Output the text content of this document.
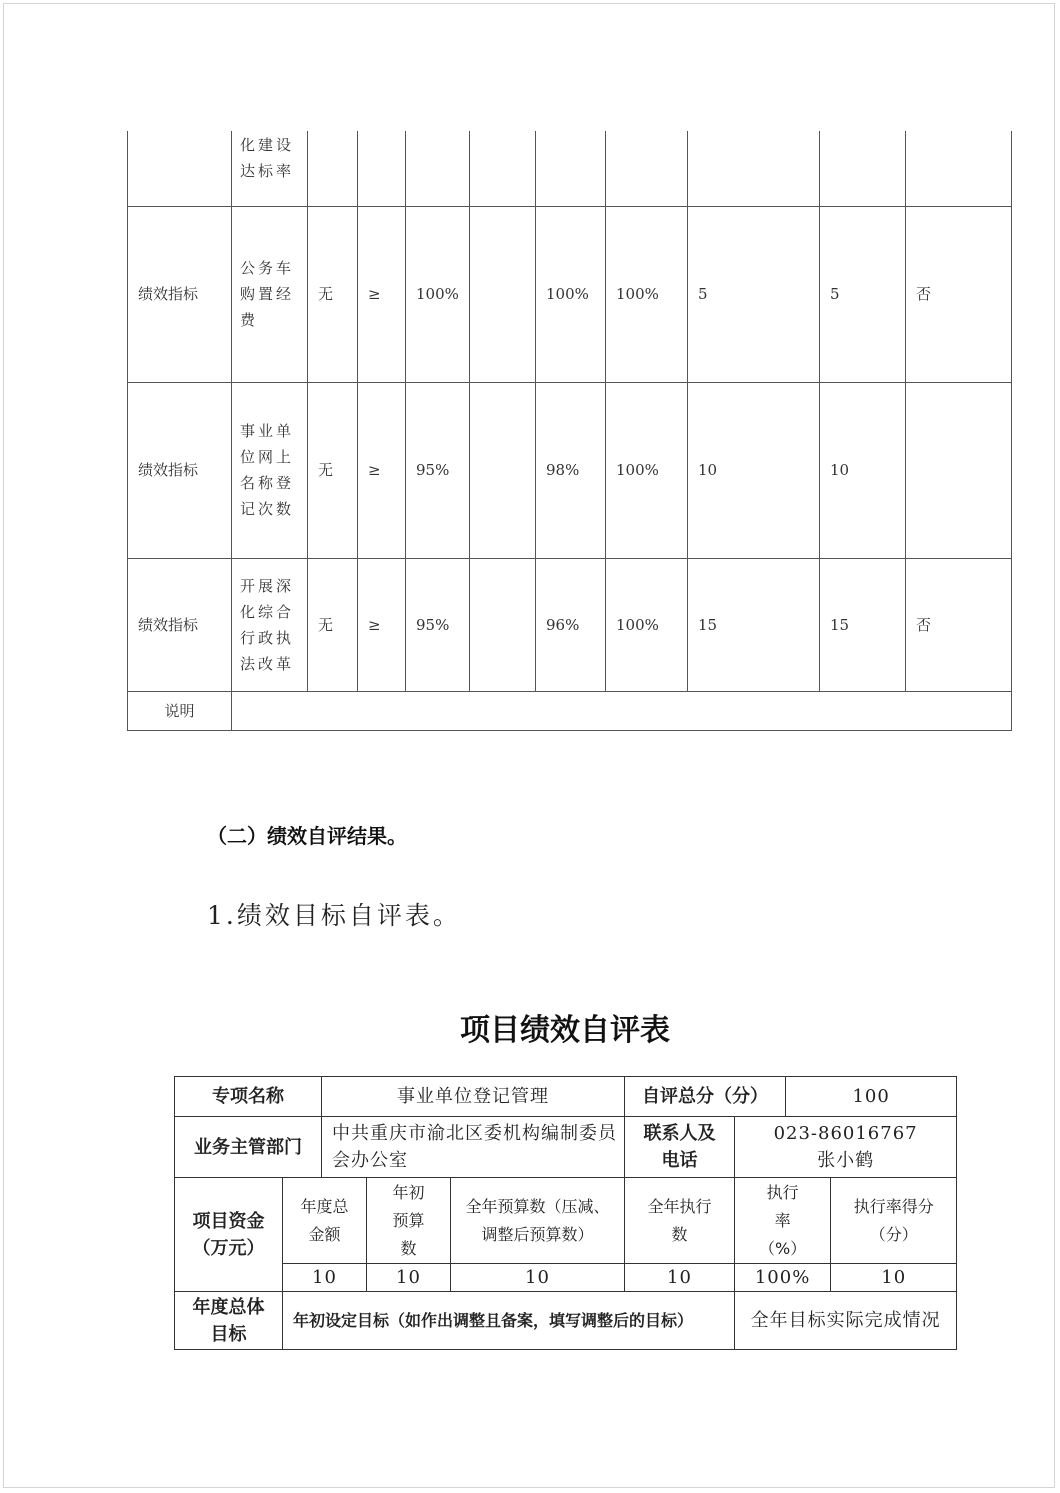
	化建设达标率									
绩效指标	公务车购置经费	无	≥	100%		100%	100%	5	5	否
绩效指标	事业单位网上名称登记次数	无	≥	95%		98%	100%	10	10	
绩效指标	开展深化综合行政执法改革	无	≥	95%		96%	100%	15	15	否
说明										
（二）绩效自评结果。
1.绩效目标自评表。
项目绩效自评表
专项名称		事业单位登记管理			自评总分（分）		100	
业务主管部门		中共重庆市渝北区委机构编制委员会办公室			联系人及电话	023-86016767
张小鹤		

项目资金（万元）	年度总金额		年初预算数	全年预算数（压减、调整后预算数）	全年执行数	执行率（%）		执行率得分（分）
	10		10	10	10	100%		10
年度总体目标	年初设定目标（如作出调整且备案，填写调整后的目标）					全年目标实际完成情况		
